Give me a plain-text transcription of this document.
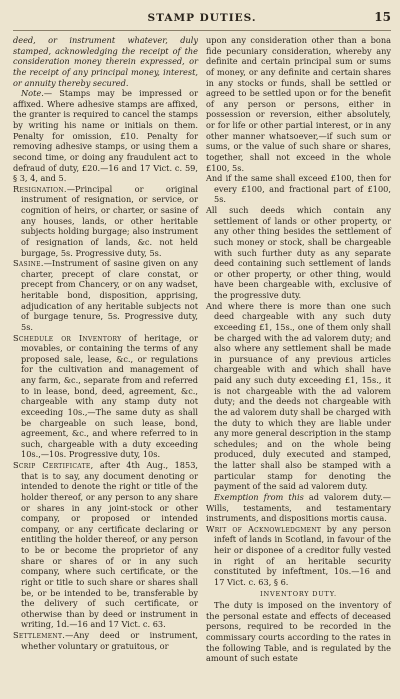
STAMP DUTIES.	15

deed, or instrument whatever, duly stamped, acknowledging the receipt of the consideration money therein expressed, or the receipt of any principal money, interest, or annuity thereby secured.

Note.— Stamps may be impressed or affixed. Where adhesive stamps are affixed, the granter is required to cancel the stamps by writing his name or initials on them. Penalty for omission, £10. Penalty for removing adhesive stamps, or using them a second time, or doing any fraudulent act to defraud of duty, £20.—16 and 17 Vict. c. 59, § 3, 4, and 5.

Resignation.—Principal or original instrument of resignation, or service, or cognition of heirs, or charter, or sasine of any houses, lands, or other heritable subjects holding burgage; also instrument of resignation of lands, &c. not held burgage, 5s. Progressive duty, 5s.

Sasine.—Instrument of sasine given on any charter, precept of clare constat, or precept from Chancery, or on any wadset, heritable bond, disposition, apprising, adjudication of any heritable subjects not of burgage tenure, 5s. Progressive duty, 5s.

Schedule or Inventory of heritage, or movables, or containing the terms of any proposed sale, lease, &c., or regulations for the cultivation and management of any farm, &c., separate from and referred to in lease, bond, deed, agreement, &c., chargeable with any stamp duty not exceeding 10s.,—The same duty as shall be chargeable on such lease, bond, agreement, &c., and where referred to in such, chargeable with a duty exceeding 10s.,—10s. Progressive duty, 10s.

Scrip Certificate, after 4th Aug., 1853, that is to say, any document denoting or intended to denote the right or title of the holder thereof, or any person to any share or shares in any joint-stock or other company, or proposed or intended company, or any certificate declaring or entitling the holder thereof, or any person to be or become the proprietor of any share or shares of or in any such company, where such certificate, or the right or title to such share or shares shall be, or be intended to be, transferable by the delivery of such certificate, or otherwise than by deed or instrument in writing, 1d.—16 and 17 Vict. c. 63.

Settlement.—Any deed or instrument, whether voluntary or gratuitous, or

upon any consideration other than a bona fide pecuniary consideration, whereby any definite and certain principal sum or sums of money, or any definite and certain shares in any stocks or funds, shall be settled or agreed to be settled upon or for the benefit of any person or persons, either in possession or reversion, either absolutely, or for life or other partial interest, or in any other manner whatsoever,—if such sum or sums, or the value of such share or shares, together, shall not exceed in the whole £100, 5s.

And if the same shall exceed £100, then for every £100, and fractional part of £100, 5s.

All such deeds which contain any settlement of lands or other property, or any other thing besides the settlement of such money or stock, shall be chargeable with such further duty as any separate deed containing such settlement of lands or other property, or other thing, would have been chargeable with, exclusive of the progressive duty.

And where there is more than one such deed chargeable with any such duty exceeding £1, 15s., one of them only shall be charged with the ad valorem duty; and also where any settlement shall be made in pursuance of any previous articles chargeable with and which shall have paid any such duty exceeding £1, 15s., it is not chargeable with the ad valorem duty; and the deeds not chargeable with the ad valorem duty shall be charged with the duty to which they are liable under any more general description in the stamp schedules; and on the whole being produced, duly executed and stamped, the latter shall also be stamped with a particular stamp for denoting the payment of the said ad valorem duty.

Exemption from this ad valorem duty.—Wills, testaments, and testamentary instruments, and dispositions mortis causa.

Writ of Acknowledgment by any person infeft of lands in Scotland, in favour of the heir or disponee of a creditor fully vested in right of an heritable security constituted by infeftment, 10s.—16 and 17 Vict. c. 63, § 6.

INVENTORY DUTY.

The duty is imposed on the inventory of the personal estate and effects of deceased persons, required to be recorded in the commissary courts according to the rates in the following Table, and is regulated by the amount of such estate
